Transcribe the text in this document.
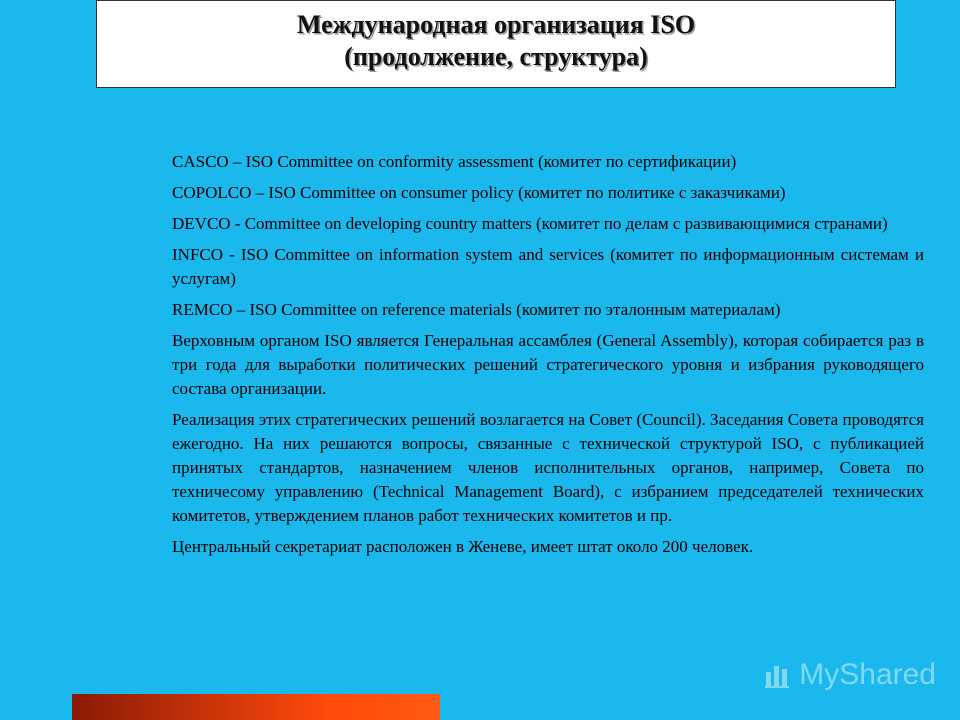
Международная организация ISO
(продолжение, структура)

CASCO – ISO Committee on conformity assessment (комитет по сертификации)

COPOLCO – ISO Committee on consumer policy (комитет по политике с заказчиками)

DEVCO - Committee on developing country matters (комитет по делам с развивающимися странами)

INFCO - ISO Committee on information system and services (комитет по информационным системам и услугам)

REMCO – ISO Committee on reference materials (комитет по эталонным материалам)

Верховным органом ISO является Генеральная ассамблея (General Assembly), которая собирается раз в три года для выработки политических решений стратегического уровня и избрания руководящего состава организации.

Реализация этих стратегических решений возлагается на Совет (Council). Заседания Совета проводятся ежегодно. На них решаются вопросы, связанные с технической структурой ISO, с публикацией принятых стандартов, назначением членов исполнительных органов, например, Совета по техничесому управлению (Technical Management Board), с избранием председателей технических комитетов, утверждением планов работ технических комитетов и пр.

Центральный секретариат расположен в Женеве, имеет штат около 200 человек.

MyShared
